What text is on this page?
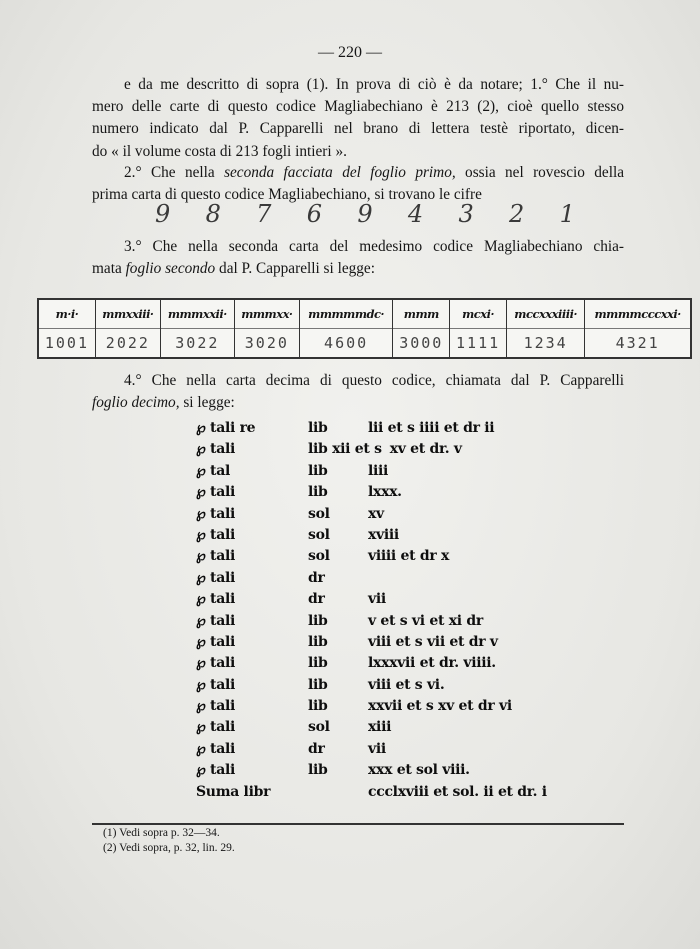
— 220 —
e da me descritto di sopra (1). In prova di ciò è da notare; 1.° Che il nu-
mero delle carte di questo codice Magliabechiano è 213 (2), cioè quello stesso
numero indicato dal P. Capparelli nel brano di lettera testè riportato, dicen-
do « il volume costa di 213 fogli intieri ».
2.° Che nella seconda facciata del foglio primo, ossia nel rovescio della
prima carta di questo codice Magliabechiano, si trovano le cifre
9 8 7 6 9 4 3 2 1
3.° Che nella seconda carta del medesimo codice Magliabechiano chia-
mata foglio secondo dal P. Capparelli si legge:
m·i·	mmxxiii·	mmmxxii·	mmmxx·	mmmmmdc·	mmm	mcxi·	mccxxxiiii·	mmmmcccxxi·
1001	2022	3022	3020	4600	3000	1111	1234	4321
4.° Che nella carta decima di questo codice, chiamata dal P. Capparelli
foglio decimo, si legge:
℘ tali re	lib	lii et s iiii et dr ii
℘ tali	lib xii et s xv et dr. v
℘ tal	lib	liii
℘ tali	lib	lxxx.
℘ tali	sol	xv
℘ tali	sol	xviii
℘ tali	sol	viiii et dr x
℘ tali	dr
℘ tali	dr	vii
℘ tali	lib	v et s vi et xi dr
℘ tali	lib	viii et s vii et dr v
℘ tali	lib	lxxxvii et dr. viiii.
℘ tali	lib	viii et s vi.
℘ tali	lib	xxvii et s xv et dr vi
℘ tali	sol	xiii
℘ tali	dr	vii
℘ tali	lib	xxx et sol viii.
Suma libr	ccclxviii et sol. ii et dr. i
(1) Vedi sopra p. 32—34.
(2) Vedi sopra, p. 32, lin. 29.
